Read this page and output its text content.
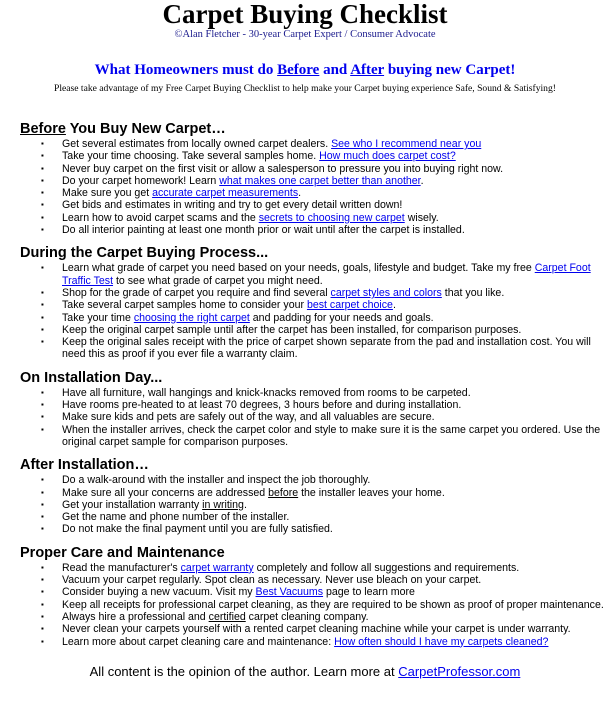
Carpet Buying Checklist
©Alan Fletcher - 30-year Carpet Expert / Consumer Advocate
What Homeowners must do Before and After buying new Carpet!
Please take advantage of my Free Carpet Buying Checklist to help make your Carpet buying experience Safe, Sound & Satisfying!
Before You Buy New Carpet…
▪ Get several estimates from locally owned carpet dealers. See who I recommend near you
▪ Take your time choosing. Take several samples home. How much does carpet cost?
▪ Never buy carpet on the first visit or allow a salesperson to pressure you into buying right now.
▪ Do your carpet homework! Learn what makes one carpet better than another.
▪ Make sure you get accurate carpet measurements.
▪ Get bids and estimates in writing and try to get every detail written down!
▪ Learn how to avoid carpet scams and the secrets to choosing new carpet wisely.
▪ Do all interior painting at least one month prior or wait until after the carpet is installed.
During the Carpet Buying Process...
▪ Learn what grade of carpet you need based on your needs, goals, lifestyle and budget. Take my free Carpet Foot Traffic Test to see what grade of carpet you might need.
▪ Shop for the grade of carpet you require and find several carpet styles and colors that you like.
▪ Take several carpet samples home to consider your best carpet choice.
▪ Take your time choosing the right carpet and padding for your needs and goals.
▪ Keep the original carpet sample until after the carpet has been installed, for comparison purposes.
▪ Keep the original sales receipt with the price of carpet shown separate from the pad and installation cost. You will need this as proof if you ever file a warranty claim.
On Installation Day...
▪ Have all furniture, wall hangings and knick-knacks removed from rooms to be carpeted.
▪ Have rooms pre-heated to at least 70 degrees, 3 hours before and during installation.
▪ Make sure kids and pets are safely out of the way, and all valuables are secure.
▪ When the installer arrives, check the carpet color and style to make sure it is the same carpet you ordered. Use the original carpet sample for comparison purposes.
After Installation…
▪ Do a walk-around with the installer and inspect the job thoroughly.
▪ Make sure all your concerns are addressed before the installer leaves your home.
▪ Get your installation warranty in writing.
▪ Get the name and phone number of the installer.
▪ Do not make the final payment until you are fully satisfied.
Proper Care and Maintenance
▪ Read the manufacturer's carpet warranty completely and follow all suggestions and requirements.
▪ Vacuum your carpet regularly. Spot clean as necessary. Never use bleach on your carpet.
▪ Consider buying a new vacuum. Visit my Best Vacuums page to learn more
▪ Keep all receipts for professional carpet cleaning, as they are required to be shown as proof of proper maintenance.
▪ Always hire a professional and certified carpet cleaning company.
▪ Never clean your carpets yourself with a rented carpet cleaning machine while your carpet is under warranty.
▪ Learn more about carpet cleaning care and maintenance: How often should I have my carpets cleaned?
All content is the opinion of the author. Learn more at CarpetProfessor.com
